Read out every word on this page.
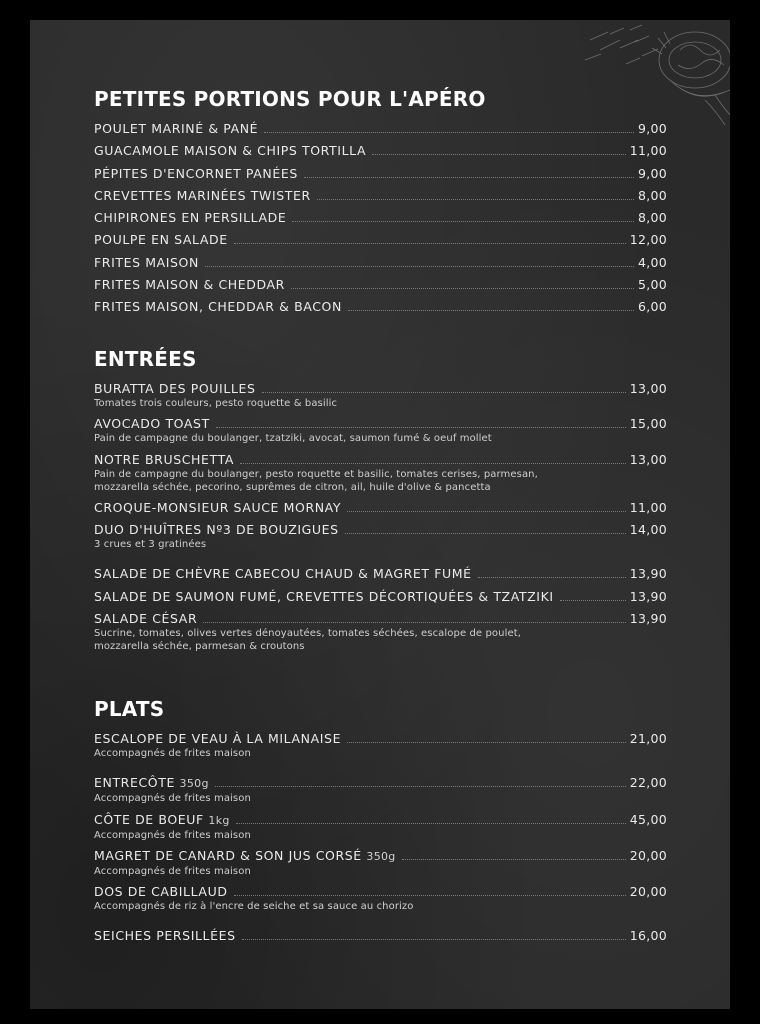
PETITES PORTIONS POUR L'APÉRO
POULET MARINÉ & PANÉ	9,00
GUACAMOLE MAISON & CHIPS TORTILLA	11,00
PÉPITES D'ENCORNET PANÉES	9,00
CREVETTES MARINÉES TWISTER	8,00
CHIPIRONES EN PERSILLADE	8,00
POULPE EN SALADE	12,00
FRITES MAISON	4,00
FRITES MAISON & CHEDDAR	5,00
FRITES MAISON, CHEDDAR & BACON	6,00
ENTRÉES
BURATTA DES POUILLES	13,00
Tomates trois couleurs, pesto roquette & basilic
AVOCADO TOAST	15,00
Pain de campagne du boulanger, tzatziki, avocat, saumon fumé & oeuf mollet
NOTRE BRUSCHETTA	13,00
Pain de campagne du boulanger, pesto roquette et basilic, tomates cerises, parmesan,
mozzarella séchée, pecorino, suprêmes de citron, ail, huile d'olive & pancetta
CROQUE-MONSIEUR SAUCE MORNAY	11,00
DUO D'HUÎTRES Nº3 DE BOUZIGUES	14,00
3 crues et 3 gratinées
SALADE DE CHÈVRE CABECOU CHAUD & MAGRET FUMÉ	13,90
SALADE DE SAUMON FUMÉ, CREVETTES DÉCORTIQUÉES & TZATZIKI	13,90
SALADE CÉSAR	13,90
Sucrine, tomates, olives vertes dénoyautées, tomates séchées, escalope de poulet,
mozzarella séchée, parmesan & croutons
PLATS
ESCALOPE DE VEAU À LA MILANAISE	21,00
Accompagnés de frites maison
ENTRECÔTE 350g	22,00
Accompagnés de frites maison
CÔTE DE BOEUF 1kg	45,00
Accompagnés de frites maison
MAGRET DE CANARD & SON JUS CORSÉ 350g	20,00
Accompagnés de frites maison
DOS DE CABILLAUD	20,00
Accompagnés de riz à l'encre de seiche et sa sauce au chorizo
SEICHES PERSILLÉES	16,00
